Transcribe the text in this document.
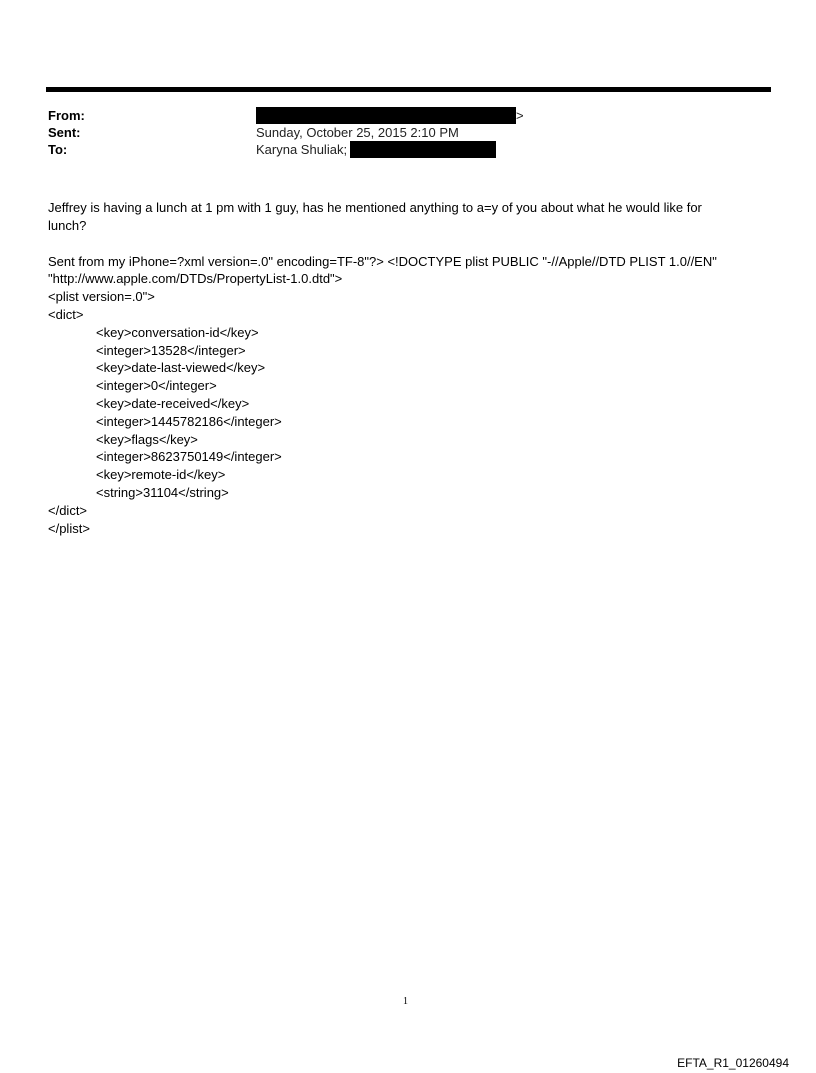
From:	>
Sent:	Sunday, October 25, 2015 2:10 PM
To:	Karyna Shuliak;

Jeffrey is having a lunch at 1 pm with 1 guy, has he mentioned anything to a=y of you about what he would like for

lunch?

Sent from my iPhone=?xml version=.0" encoding=TF-8"?> <!DOCTYPE plist PUBLIC "-//Apple//DTD PLIST 1.0//EN"

"http://www.apple.com/DTDs/PropertyList-1.0.dtd">

<plist version=.0">

<dict>

<key>conversation-id</key>

<integer>13528</integer>

<key>date-last-viewed</key>

<integer>0</integer>

<key>date-received</key>

<integer>1445782186</integer>

<key>flags</key>

<integer>8623750149</integer>

<key>remote-id</key>

<string>31104</string>

</dict>

</plist>

1
EFTA_R1_01260494
